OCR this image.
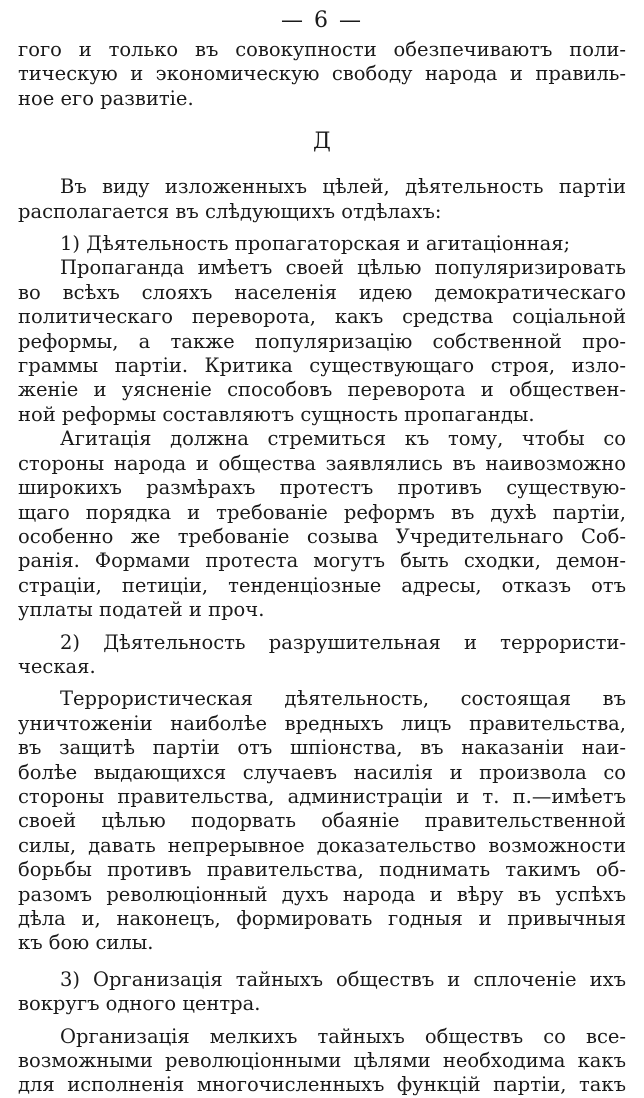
— 6 —
гого и только въ совокупности обезпечиваютъ поли-
тическую и экономическую свободу народа и правиль-
ное его развитіе.
Д
Въ виду изложенныхъ цѣлей, дѣятельность партіи
располагается въ слѣдующихъ отдѣлахъ:
1) Дѣятельность пропагаторская и агитаціонная;
Пропаганда имѣетъ своей цѣлью популяризировать
во всѣхъ слояхъ населенія идею демократическаго
политическаго переворота, какъ средства соціальной
реформы, а также популяризацію собственной про-
граммы партіи. Критика существующаго строя, изло-
женіе и уясненіе способовъ переворота и обществен-
ной реформы составляютъ сущность пропаганды.
Агитація должна стремиться къ тому, чтобы со
стороны народа и общества заявлялись въ наивозможно
широкихъ размѣрахъ протестъ противъ существую-
щаго порядка и требованіе реформъ въ духѣ партіи,
особенно же требованіе созыва Учредительнаго Соб-
ранія. Формами протеста могутъ быть сходки, демон-
страціи, петиціи, тенденціозные адресы, отказъ отъ
уплаты податей и проч.
2) Дѣятельность разрушительная и террористи-
ческая.
Террористическая дѣятельность, состоящая въ
уничтоженіи наиболѣе вредныхъ лицъ правительства,
въ защитѣ партіи отъ шпіонства, въ наказаніи наи-
болѣе выдающихся случаевъ насилія и произвола со
стороны правительства, администраціи и т. п.—имѣетъ
своей цѣлью подорвать обаяніе правительственной
силы, давать непрерывное доказательство возможности
борьбы противъ правительства, поднимать такимъ об-
разомъ революціонный духъ народа и вѣру въ успѣхъ
дѣла и, наконецъ, формировать годныя и привычныя
къ бою силы.
3) Организація тайныхъ обществъ и сплоченіе ихъ
вокругъ одного центра.
Организація мелкихъ тайныхъ обществъ со все-
возможными революціонными цѣлями необходима какъ
для исполненія многочисленныхъ функцій партіи, такъ
